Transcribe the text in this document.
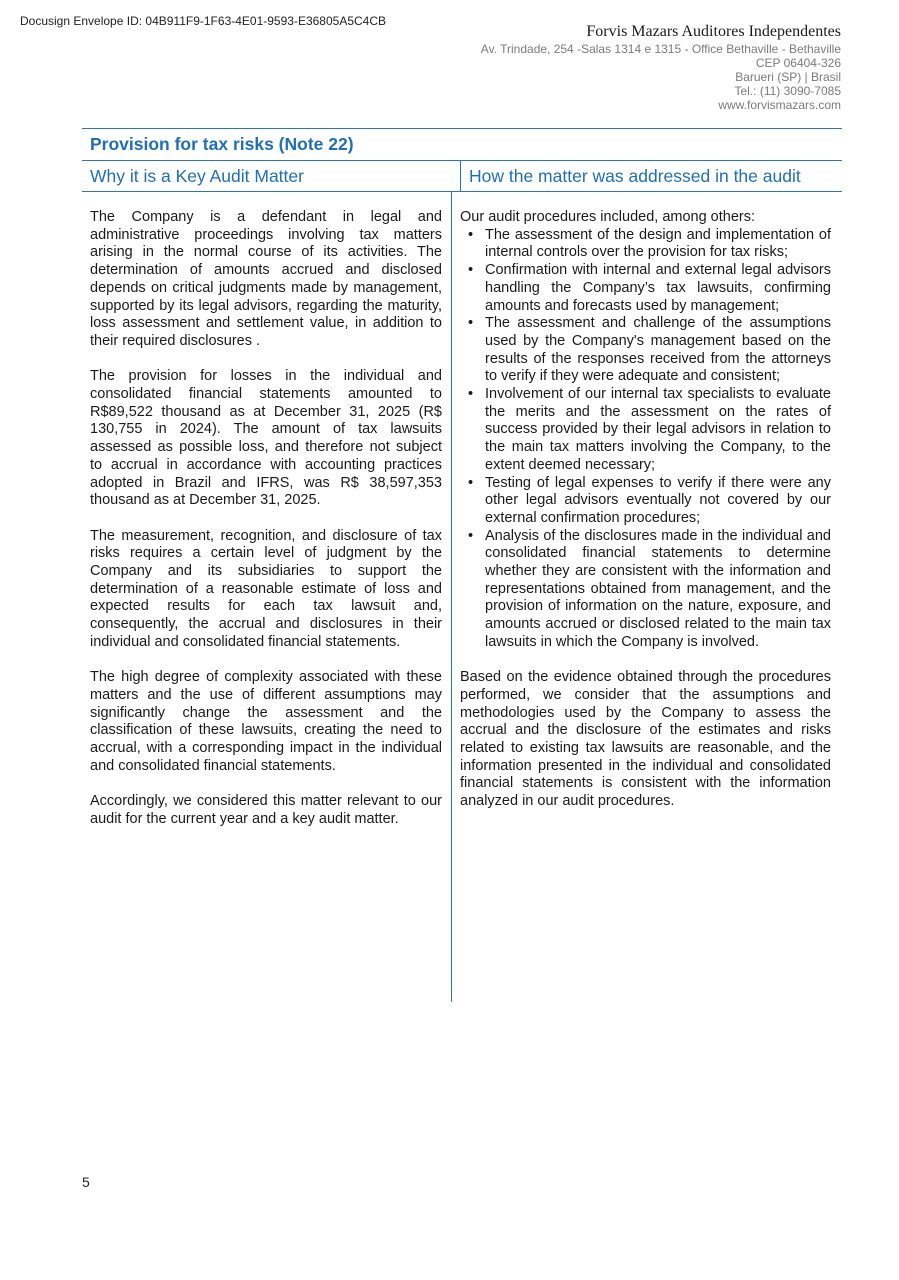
Docusign Envelope ID: 04B911F9-1F63-4E01-9593-E36805A5C4CB
Forvis Mazars Auditores Independentes
Av. Trindade, 254 -Salas 1314 e 1315 - Office Bethaville - Bethaville
CEP 06404-326
Barueri (SP) | Brasil
Tel.: (11) 3090-7085
www.forvismazars.com
Provision for tax risks (Note 22)
Why it is a Key Audit Matter	How the matter was addressed in the audit

The Company is a defendant in legal and administrative proceedings involving tax matters arising in the normal course of its activities. The determination of amounts accrued and disclosed depends on critical judgments made by management, supported by its legal advisors, regarding the maturity, loss assessment and settlement value, in addition to their required disclosures .

The provision for losses in the individual and consolidated financial statements amounted to R$89,522 thousand as at December 31, 2025 (R$ 130,755 in 2024). The amount of tax lawsuits assessed as possible loss, and therefore not subject to accrual in accordance with accounting practices adopted in Brazil and IFRS, was R$ 38,597,353 thousand as at December 31, 2025.

The measurement, recognition, and disclosure of tax risks requires a certain level of judgment by the Company and its subsidiaries to support the determination of a reasonable estimate of loss and expected results for each tax lawsuit and, consequently, the accrual and disclosures in their individual and consolidated financial statements.

The high degree of complexity associated with these matters and the use of different assumptions may significantly change the assessment and the classification of these lawsuits, creating the need to accrual, with a corresponding impact in the individual and consolidated financial statements.

Accordingly, we considered this matter relevant to our audit for the current year and a key audit matter.

Our audit procedures included, among others:

• The assessment of the design and implementation of internal controls over the provision for tax risks;
• Confirmation with internal and external legal advisors handling the Company’s tax lawsuits, confirming amounts and forecasts used by management;
• The assessment and challenge of the assumptions used by the Company's management based on the results of the responses received from the attorneys to verify if they were adequate and consistent;
• Involvement of our internal tax specialists to evaluate the merits and the assessment on the rates of success provided by their legal advisors in relation to the main tax matters involving the Company, to the extent deemed necessary;
• Testing of legal expenses to verify if there were any other legal advisors eventually not covered by our external confirmation procedures;
• Analysis of the disclosures made in the individual and consolidated financial statements to determine whether they are consistent with the information and representations obtained from management, and the provision of information on the nature, exposure, and amounts accrued or disclosed related to the main tax lawsuits in which the Company is involved.

Based on the evidence obtained through the procedures performed, we consider that the assumptions and methodologies used by the Company to assess the accrual and the disclosure of the estimates and risks related to existing tax lawsuits are reasonable, and the information presented in the individual and consolidated financial statements is consistent with the information analyzed in our audit procedures.

5
